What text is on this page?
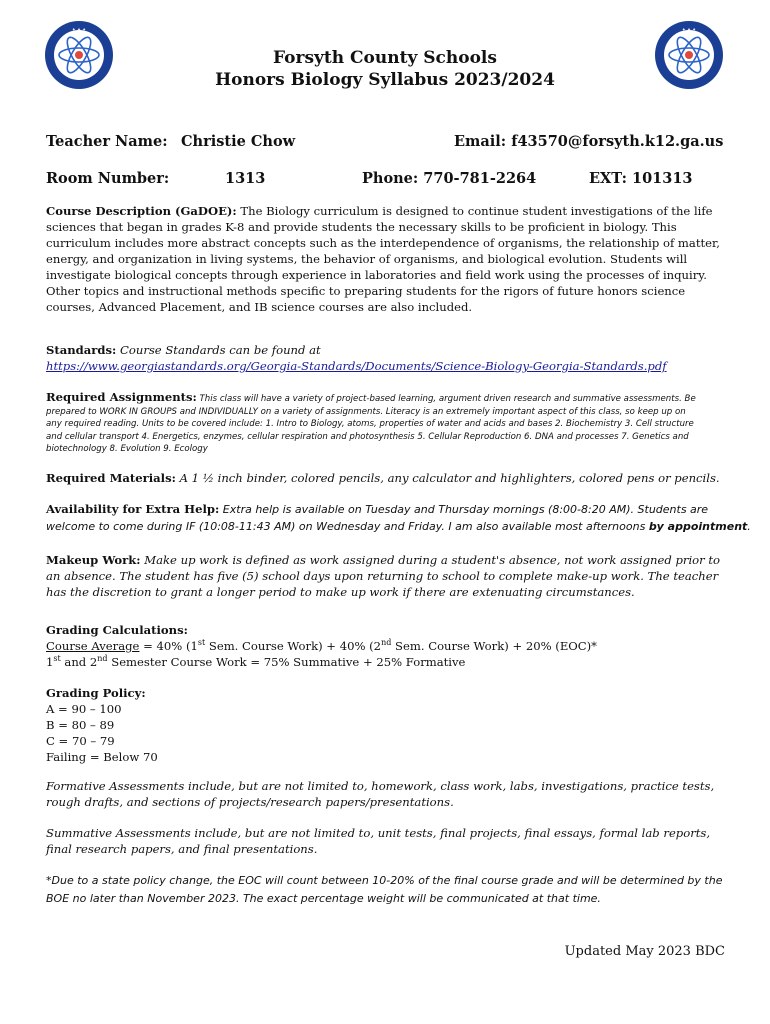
✦ ✦ ✦	✦ ✦ ✦
Forsyth County Schools
Honors Biology Syllabus 2023/2024
Teacher Name: Christie Chow	Email: f43570@forsyth.k12.ga.us
Room Number:	1313	Phone: 770-781-2264	EXT: 101313
Course Description (GaDOE): The Biology curriculum is designed to continue student investigations of the life
sciences that began in grades K-8 and provide students the necessary skills to be proficient in biology. This
curriculum includes more abstract concepts such as the interdependence of organisms, the relationship of matter,
energy, and organization in living systems, the behavior of organisms, and biological evolution. Students will
investigate biological concepts through experience in laboratories and field work using the processes of inquiry.
Other topics and instructional methods specific to preparing students for the rigors of future honors science
courses, Advanced Placement, and IB science courses are also included.
Standards: Course Standards can be found at
https://www.georgiastandards.org/Georgia-Standards/Documents/Science-Biology-Georgia-Standards.pdf
Required Assignments: This class will have a variety of project-based learning, argument driven research and summative assessments. Be
prepared to WORK IN GROUPS and INDIVIDUALLY on a variety of assignments. Literacy is an extremely important aspect of this class, so keep up on
any required reading. Units to be covered include: 1. Intro to Biology, atoms, properties of water and acids and bases 2. Biochemistry 3. Cell structure
and cellular transport 4. Energetics, enzymes, cellular respiration and photosynthesis 5. Cellular Reproduction 6. DNA and processes 7. Genetics and
biotechnology 8. Evolution 9. Ecology
Required Materials: A 1 ½ inch binder, colored pencils, any calculator and highlighters, colored pens or pencils.
Availability for Extra Help: Extra help is available on Tuesday and Thursday mornings (8:00-8:20 AM). Students are
welcome to come during IF (10:08-11:43 AM) on Wednesday and Friday. I am also available most afternoons by appointment.
Makeup Work: Make up work is defined as work assigned during a student's absence, not work assigned prior to
an absence. The student has five (5) school days upon returning to school to complete make-up work. The teacher
has the discretion to grant a longer period to make up work if there are extenuating circumstances.
Grading Calculations:
Course Average = 40% (1st Sem. Course Work) + 40% (2nd Sem. Course Work) + 20% (EOC)*
1st and 2nd Semester Course Work = 75% Summative + 25% Formative
Grading Policy:
A = 90 – 100
B = 80 – 89
C = 70 – 79
Failing = Below 70
Formative Assessments include, but are not limited to, homework, class work, labs, investigations, practice tests,
rough drafts, and sections of projects/research papers/presentations.
Summative Assessments include, but are not limited to, unit tests, final projects, final essays, formal lab reports,
final research papers, and final presentations.
*Due to a state policy change, the EOC will count between 10-20% of the final course grade and will be determined by the
BOE no later than November 2023. The exact percentage weight will be communicated at that time.
Updated May 2023 BDC
